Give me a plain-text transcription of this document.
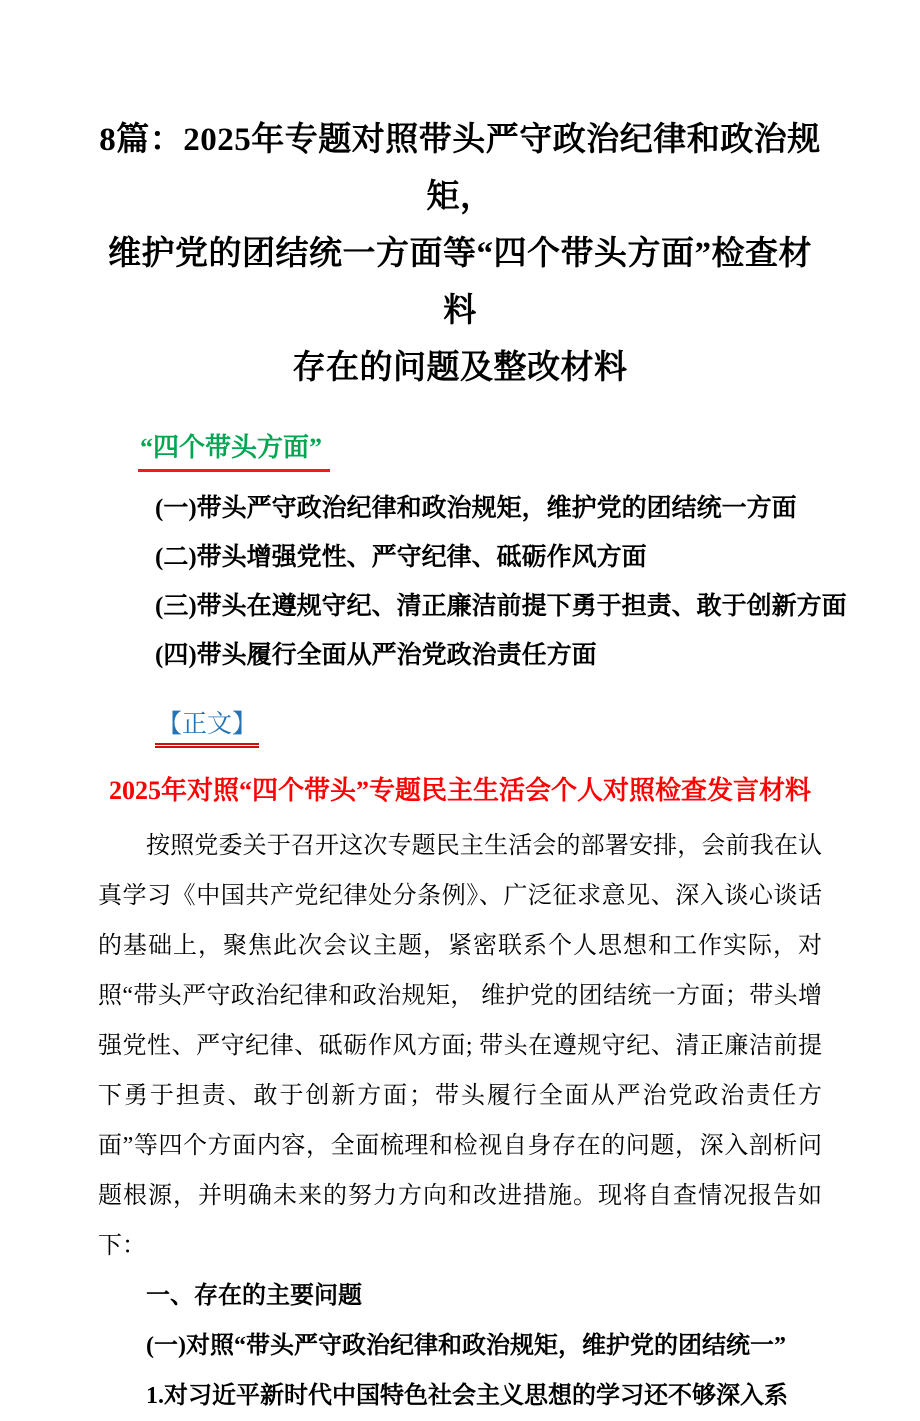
8篇：2025年专题对照带头严守政治纪律和政治规矩，
维护党的团结统一方面等“四个带头方面”检查材料
存在的问题及整改材料
“四个带头方面”
(一)带头严守政治纪律和政治规矩，维护党的团结统一方面
(二)带头增强党性、严守纪律、砥砺作风方面
(三)带头在遵规守纪、清正廉洁前提下勇于担责、敢于创新方面
(四)带头履行全面从严治党政治责任方面
【正文】
2025年对照“四个带头”专题民主生活会个人对照检查发言材料
按照党委关于召开这次专题民主生活会的部署安排，会前我在认真学习《中国共产党纪律处分条例》、广泛征求意见、深入谈心谈话的基础上，聚焦此次会议主题，紧密联系个人思想和工作实际，对照“带头严守政治纪律和政治规矩， 维护党的团结统一方面；带头增强党性、严守纪律、砥砺作风方面; 带头在遵规守纪、清正廉洁前提下勇于担责、敢于创新方面；带头履行全面从严治党政治责任方面”等四个方面内容，全面梳理和检视自身存在的问题，深入剖析问题根源，并明确未来的努力方向和改进措施。现将自查情况报告如下：
一、存在的主要问题
(一)对照“带头严守政治纪律和政治规矩，维护党的团结统一”
1.对习近平新时代中国特色社会主义思想的学习还不够深入系
